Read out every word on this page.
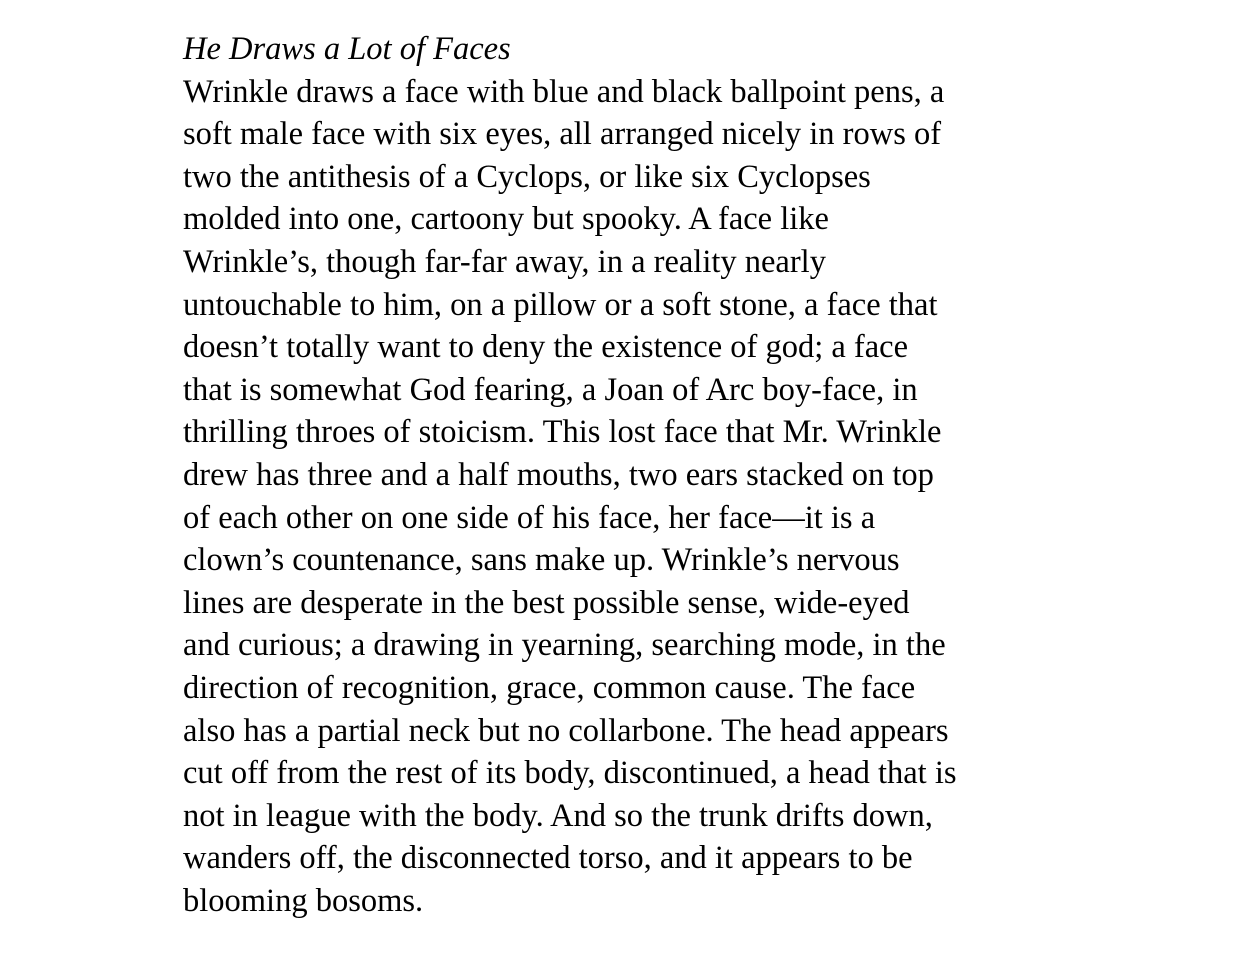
He Draws a Lot of Faces
Wrinkle draws a face with blue and black ballpoint pens, a
soft male face with six eyes, all arranged nicely in rows of
two the antithesis of a Cyclops, or like six Cyclopses
molded into one, cartoony but spooky. A face like
Wrinkle’s, though far-far away, in a reality nearly
untouchable to him, on a pillow or a soft stone, a face that
doesn’t totally want to deny the existence of god; a face
that is somewhat God fearing, a Joan of Arc boy-face, in
thrilling throes of stoicism. This lost face that Mr. Wrinkle
drew has three and a half mouths, two ears stacked on top
of each other on one side of his face, her face—it is a
clown’s countenance, sans make up. Wrinkle’s nervous
lines are desperate in the best possible sense, wide-eyed
and curious; a drawing in yearning, searching mode, in the
direction of recognition, grace, common cause. The face
also has a partial neck but no collarbone. The head appears
cut off from the rest of its body, discontinued, a head that is
not in league with the body. And so the trunk drifts down,
wanders off, the disconnected torso, and it appears to be
blooming bosoms.
